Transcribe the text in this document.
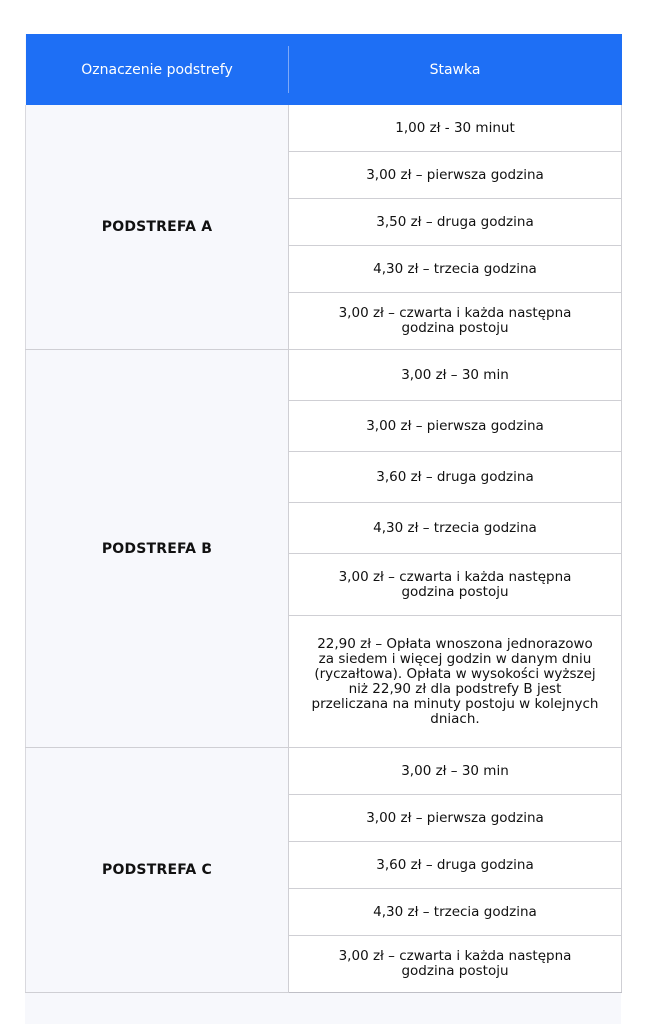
Oznaczenie podstrefy	Stawka
PODSTREFA A	1,00 zł - 30 minut
	3,00 zł – pierwsza godzina
	3,50 zł – druga godzina
	4,30 zł – trzecia godzina
	3,00 zł – czwarta i każda następna godzina postoju
PODSTREFA B	3,00 zł – 30 min
	3,00 zł – pierwsza godzina
	3,60 zł – druga godzina
	4,30 zł – trzecia godzina
	3,00 zł – czwarta i każda następna godzina postoju
	22,90 zł – Opłata wnoszona jednorazowo za siedem i więcej godzin w danym dniu (ryczałtowa). Opłata w wysokości wyższej niż 22,90 zł dla podstrefy B jest przeliczana na minuty postoju w kolejnych dniach.
PODSTREFA C	3,00 zł – 30 min
	3,00 zł – pierwsza godzina
	3,60 zł – druga godzina
	4,30 zł – trzecia godzina
	3,00 zł – czwarta i każda następna godzina postoju
